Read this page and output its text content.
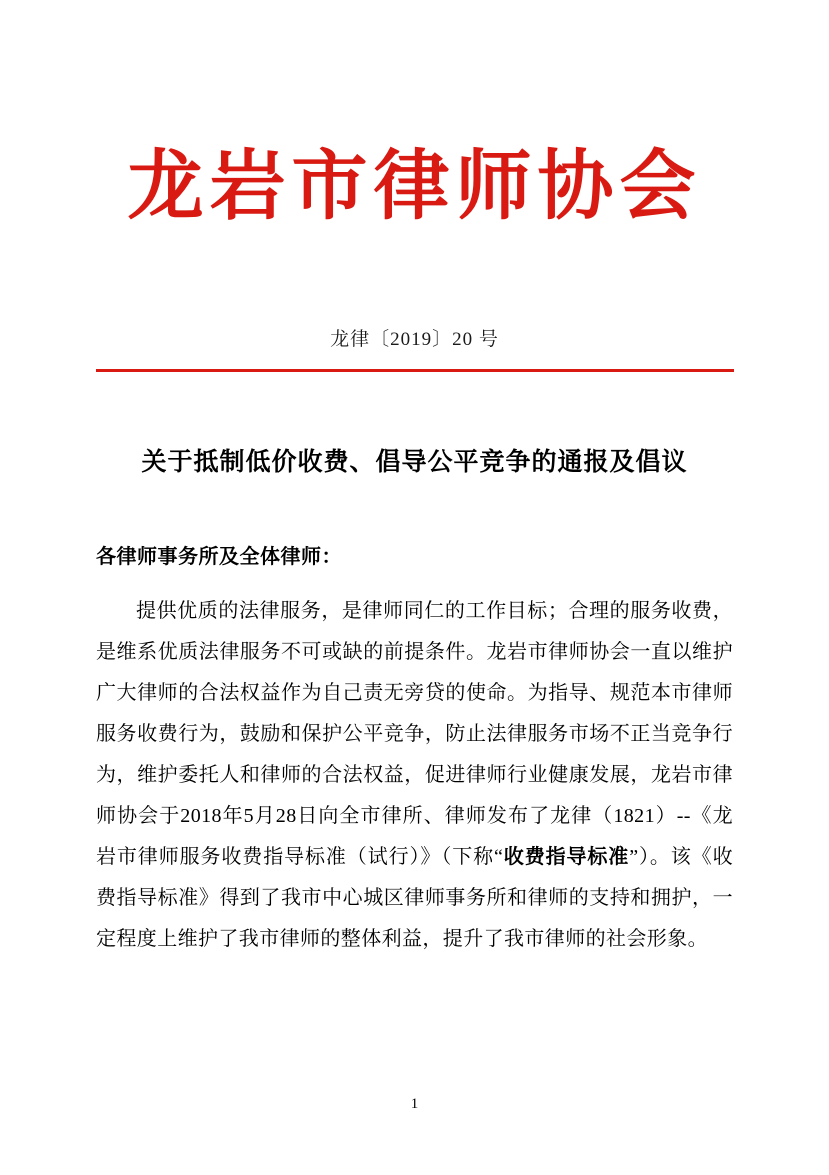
龙岩市律师协会
龙律〔2019〕20 号
关于抵制低价收费、倡导公平竞争的通报及倡议
各律师事务所及全体律师：
提供优质的法律服务，是律师同仁的工作目标；合理的服务收费，是维系优质法律服务不可或缺的前提条件。龙岩市律师协会一直以维护广大律师的合法权益作为自己责无旁贷的使命。为指导、规范本市律师服务收费行为，鼓励和保护公平竞争，防止法律服务市场不正当竞争行为，维护委托人和律师的合法权益，促进律师行业健康发展，龙岩市律师协会于2018年5月28日向全市律所、律师发布了龙律（1821）--《龙岩市律师服务收费指导标准（试行）》（下称“收费指导标准”）。该《收费指导标准》得到了我市中心城区律师事务所和律师的支持和拥护，一定程度上维护了我市律师的整体利益，提升了我市律师的社会形象。
1
